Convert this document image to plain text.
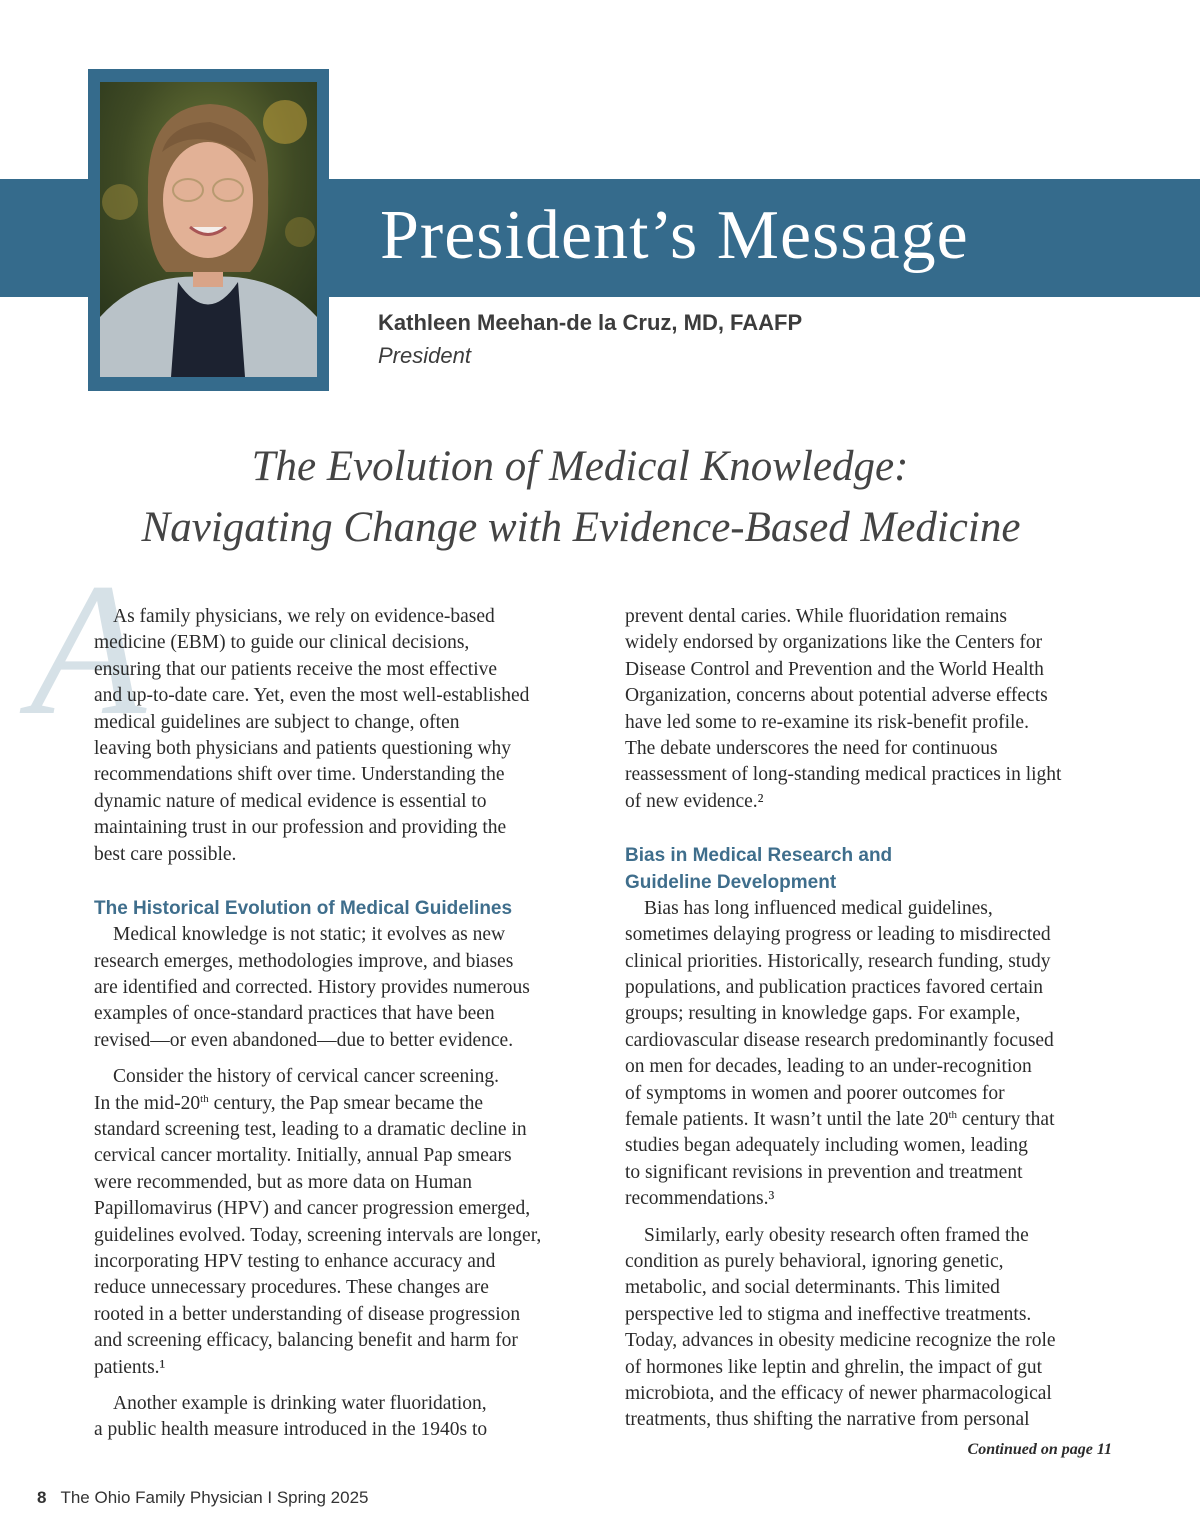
President’s Message
Kathleen Meehan-de la Cruz, MD, FAAFP
President
The Evolution of Medical Knowledge:
Navigating Change with Evidence-Based Medicine
A
As family physicians, we rely on evidence-based
medicine (EBM) to guide our clinical decisions,
ensuring that our patients receive the most effective
and up-to-date care. Yet, even the most well-established
medical guidelines are subject to change, often
leaving both physicians and patients questioning why
recommendations shift over time. Understanding the
dynamic nature of medical evidence is essential to
maintaining trust in our profession and providing the
best care possible.
The Historical Evolution of Medical Guidelines
Medical knowledge is not static; it evolves as new
research emerges, methodologies improve, and biases
are identified and corrected. History provides numerous
examples of once-standard practices that have been
revised—or even abandoned—due to better evidence.
Consider the history of cervical cancer screening.
In the mid-20th century, the Pap smear became the
standard screening test, leading to a dramatic decline in
cervical cancer mortality. Initially, annual Pap smears
were recommended, but as more data on Human
Papillomavirus (HPV) and cancer progression emerged,
guidelines evolved. Today, screening intervals are longer,
incorporating HPV testing to enhance accuracy and
reduce unnecessary procedures. These changes are
rooted in a better understanding of disease progression
and screening efficacy, balancing benefit and harm for
patients.¹
Another example is drinking water fluoridation,
a public health measure introduced in the 1940s to
prevent dental caries. While fluoridation remains
widely endorsed by organizations like the Centers for
Disease Control and Prevention and the World Health
Organization, concerns about potential adverse effects
have led some to re-examine its risk-benefit profile.
The debate underscores the need for continuous
reassessment of long-standing medical practices in light
of new evidence.²
Bias in Medical Research and
Guideline Development
Bias has long influenced medical guidelines,
sometimes delaying progress or leading to misdirected
clinical priorities. Historically, research funding, study
populations, and publication practices favored certain
groups; resulting in knowledge gaps. For example,
cardiovascular disease research predominantly focused
on men for decades, leading to an under-recognition
of symptoms in women and poorer outcomes for
female patients. It wasn’t until the late 20th century that
studies began adequately including women, leading
to significant revisions in prevention and treatment
recommendations.³
Similarly, early obesity research often framed the
condition as purely behavioral, ignoring genetic,
metabolic, and social determinants. This limited
perspective led to stigma and ineffective treatments.
Today, advances in obesity medicine recognize the role
of hormones like leptin and ghrelin, the impact of gut
microbiota, and the efficacy of newer pharmacological
treatments, thus shifting the narrative from personal
Continued on page 11
8 The Ohio Family Physician I Spring 2025
